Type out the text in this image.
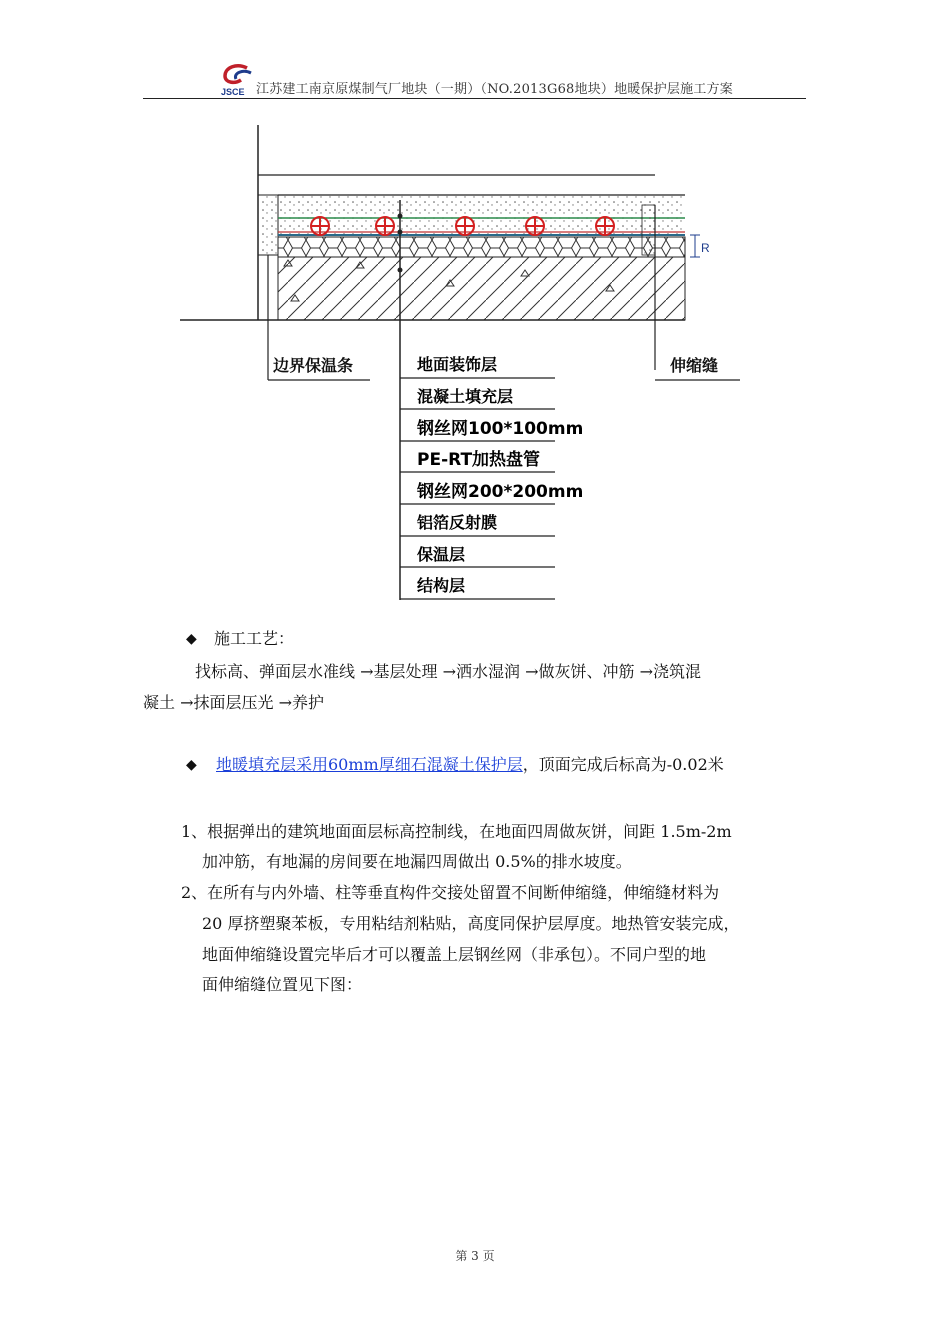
JSCE 江苏建工南京原煤制气厂地块（一期）（NO.2013G68地块）地暖保护层施工方案
R
边界保温条	伸缩缝
地面装饰层
混凝土填充层
钢丝网100*100mm
PE-RT加热盘管
钢丝网200*200mm
铝箔反射膜
保温层
结构层
◆ 施工工艺：
找标高、弹面层水准线 →基层处理 →洒水湿润 →做灰饼、冲筋 →浇筑混
凝土 →抹面层压光 →养护
◆ 地暖填充层采用60mm厚细石混凝土保护层，顶面完成后标高为-0.02米
1、根据弹出的建筑地面面层标高控制线，在地面四周做灰饼，间距 1.5m-2m
加冲筋，有地漏的房间要在地漏四周做出 0.5%的排水坡度。
2、在所有与内外墙、柱等垂直构件交接处留置不间断伸缩缝，伸缩缝材料为
20 厚挤塑聚苯板，专用粘结剂粘贴，高度同保护层厚度。地热管安装完成，
地面伸缩缝设置完毕后才可以覆盖上层钢丝网（非承包）。不同户型的地
面伸缩缝位置见下图：
第 3 页
